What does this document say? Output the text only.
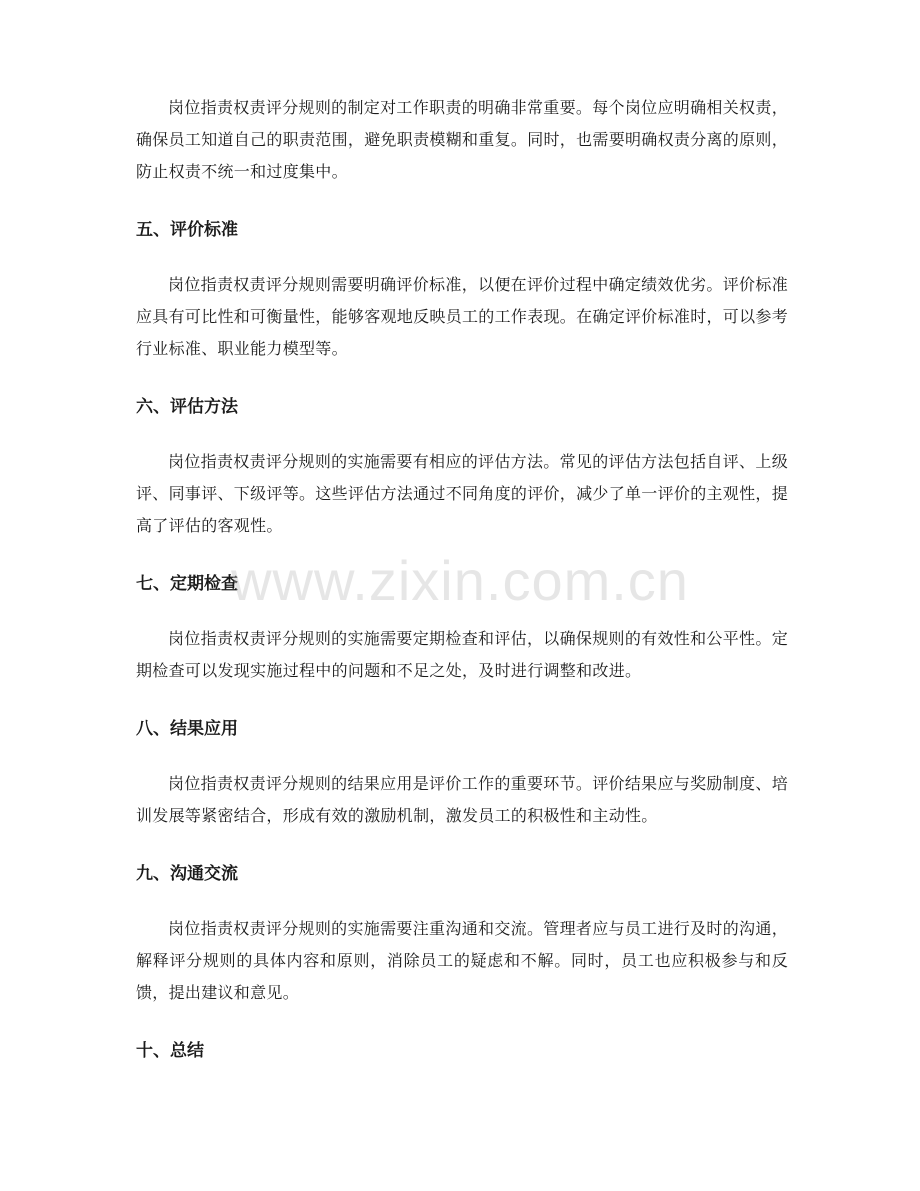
岗位指责权责评分规则的制定对工作职责的明确非常重要。每个岗位应明确相关权责，确保员工知道自己的职责范围，避免职责模糊和重复。同时，也需要明确权责分离的原则，防止权责不统一和过度集中。

五、评价标准

岗位指责权责评分规则需要明确评价标准，以便在评价过程中确定绩效优劣。评价标准应具有可比性和可衡量性，能够客观地反映员工的工作表现。在确定评价标准时，可以参考行业标准、职业能力模型等。

六、评估方法

岗位指责权责评分规则的实施需要有相应的评估方法。常见的评估方法包括自评、上级评、同事评、下级评等。这些评估方法通过不同角度的评价，减少了单一评价的主观性，提高了评估的客观性。

七、定期检查

岗位指责权责评分规则的实施需要定期检查和评估，以确保规则的有效性和公平性。定期检查可以发现实施过程中的问题和不足之处，及时进行调整和改进。

八、结果应用

岗位指责权责评分规则的结果应用是评价工作的重要环节。评价结果应与奖励制度、培训发展等紧密结合，形成有效的激励机制，激发员工的积极性和主动性。

九、沟通交流

岗位指责权责评分规则的实施需要注重沟通和交流。管理者应与员工进行及时的沟通，解释评分规则的具体内容和原则，消除员工的疑虑和不解。同时，员工也应积极参与和反馈，提出建议和意见。

十、总结
www.zixin.com.cn
